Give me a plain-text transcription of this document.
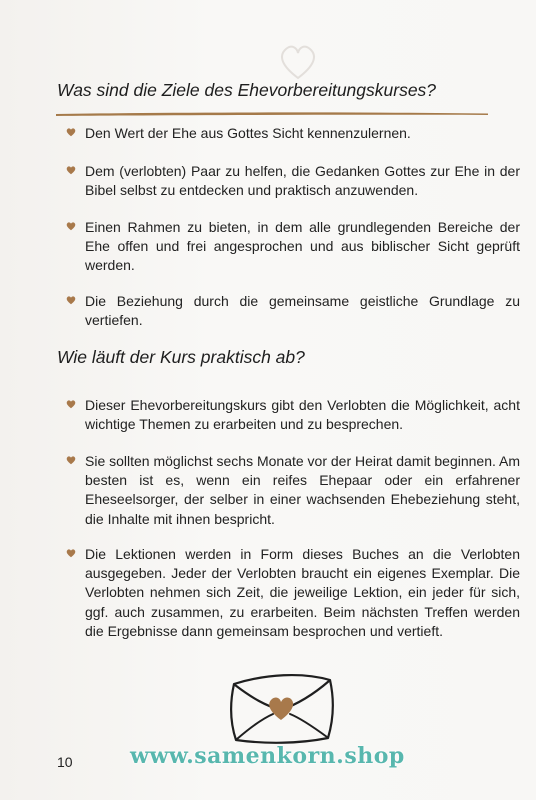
Was sind die Ziele des Ehevorbereitungskurses?
Den Wert der Ehe aus Gottes Sicht kennenzulernen.
Dem (verlobten) Paar zu helfen, die Gedanken Gottes zur Ehe in der Bibel selbst zu entdecken und praktisch anzuwenden.
Einen Rahmen zu bieten, in dem alle grundlegenden Bereiche der Ehe offen und frei angesprochen und aus biblischer Sicht geprüft werden.
Die Beziehung durch die gemeinsame geistliche Grundlage zu vertiefen.
Wie läuft der Kurs praktisch ab?
Dieser Ehevorbereitungskurs gibt den Verlobten die Möglichkeit, acht wichtige Themen zu erarbeiten und zu besprechen.
Sie sollten möglichst sechs Monate vor der Heirat damit beginnen. Am besten ist es, wenn ein reifes Ehepaar oder ein erfahrener Eheseelsorger, der selber in einer wachsenden Ehebeziehung steht, die Inhalte mit ihnen bespricht.
Die Lektionen werden in Form dieses Buches an die Verlobten ausgegeben. Jeder der Verlobten braucht ein eigenes Exemplar. Die Verlobten nehmen sich Zeit, die jeweilige Lektion, ein jeder für sich, ggf. auch zusammen, zu erarbeiten. Beim nächsten Treffen werden die Ergebnisse dann gemeinsam besprochen und vertieft.
10	www.samenkorn.shop
